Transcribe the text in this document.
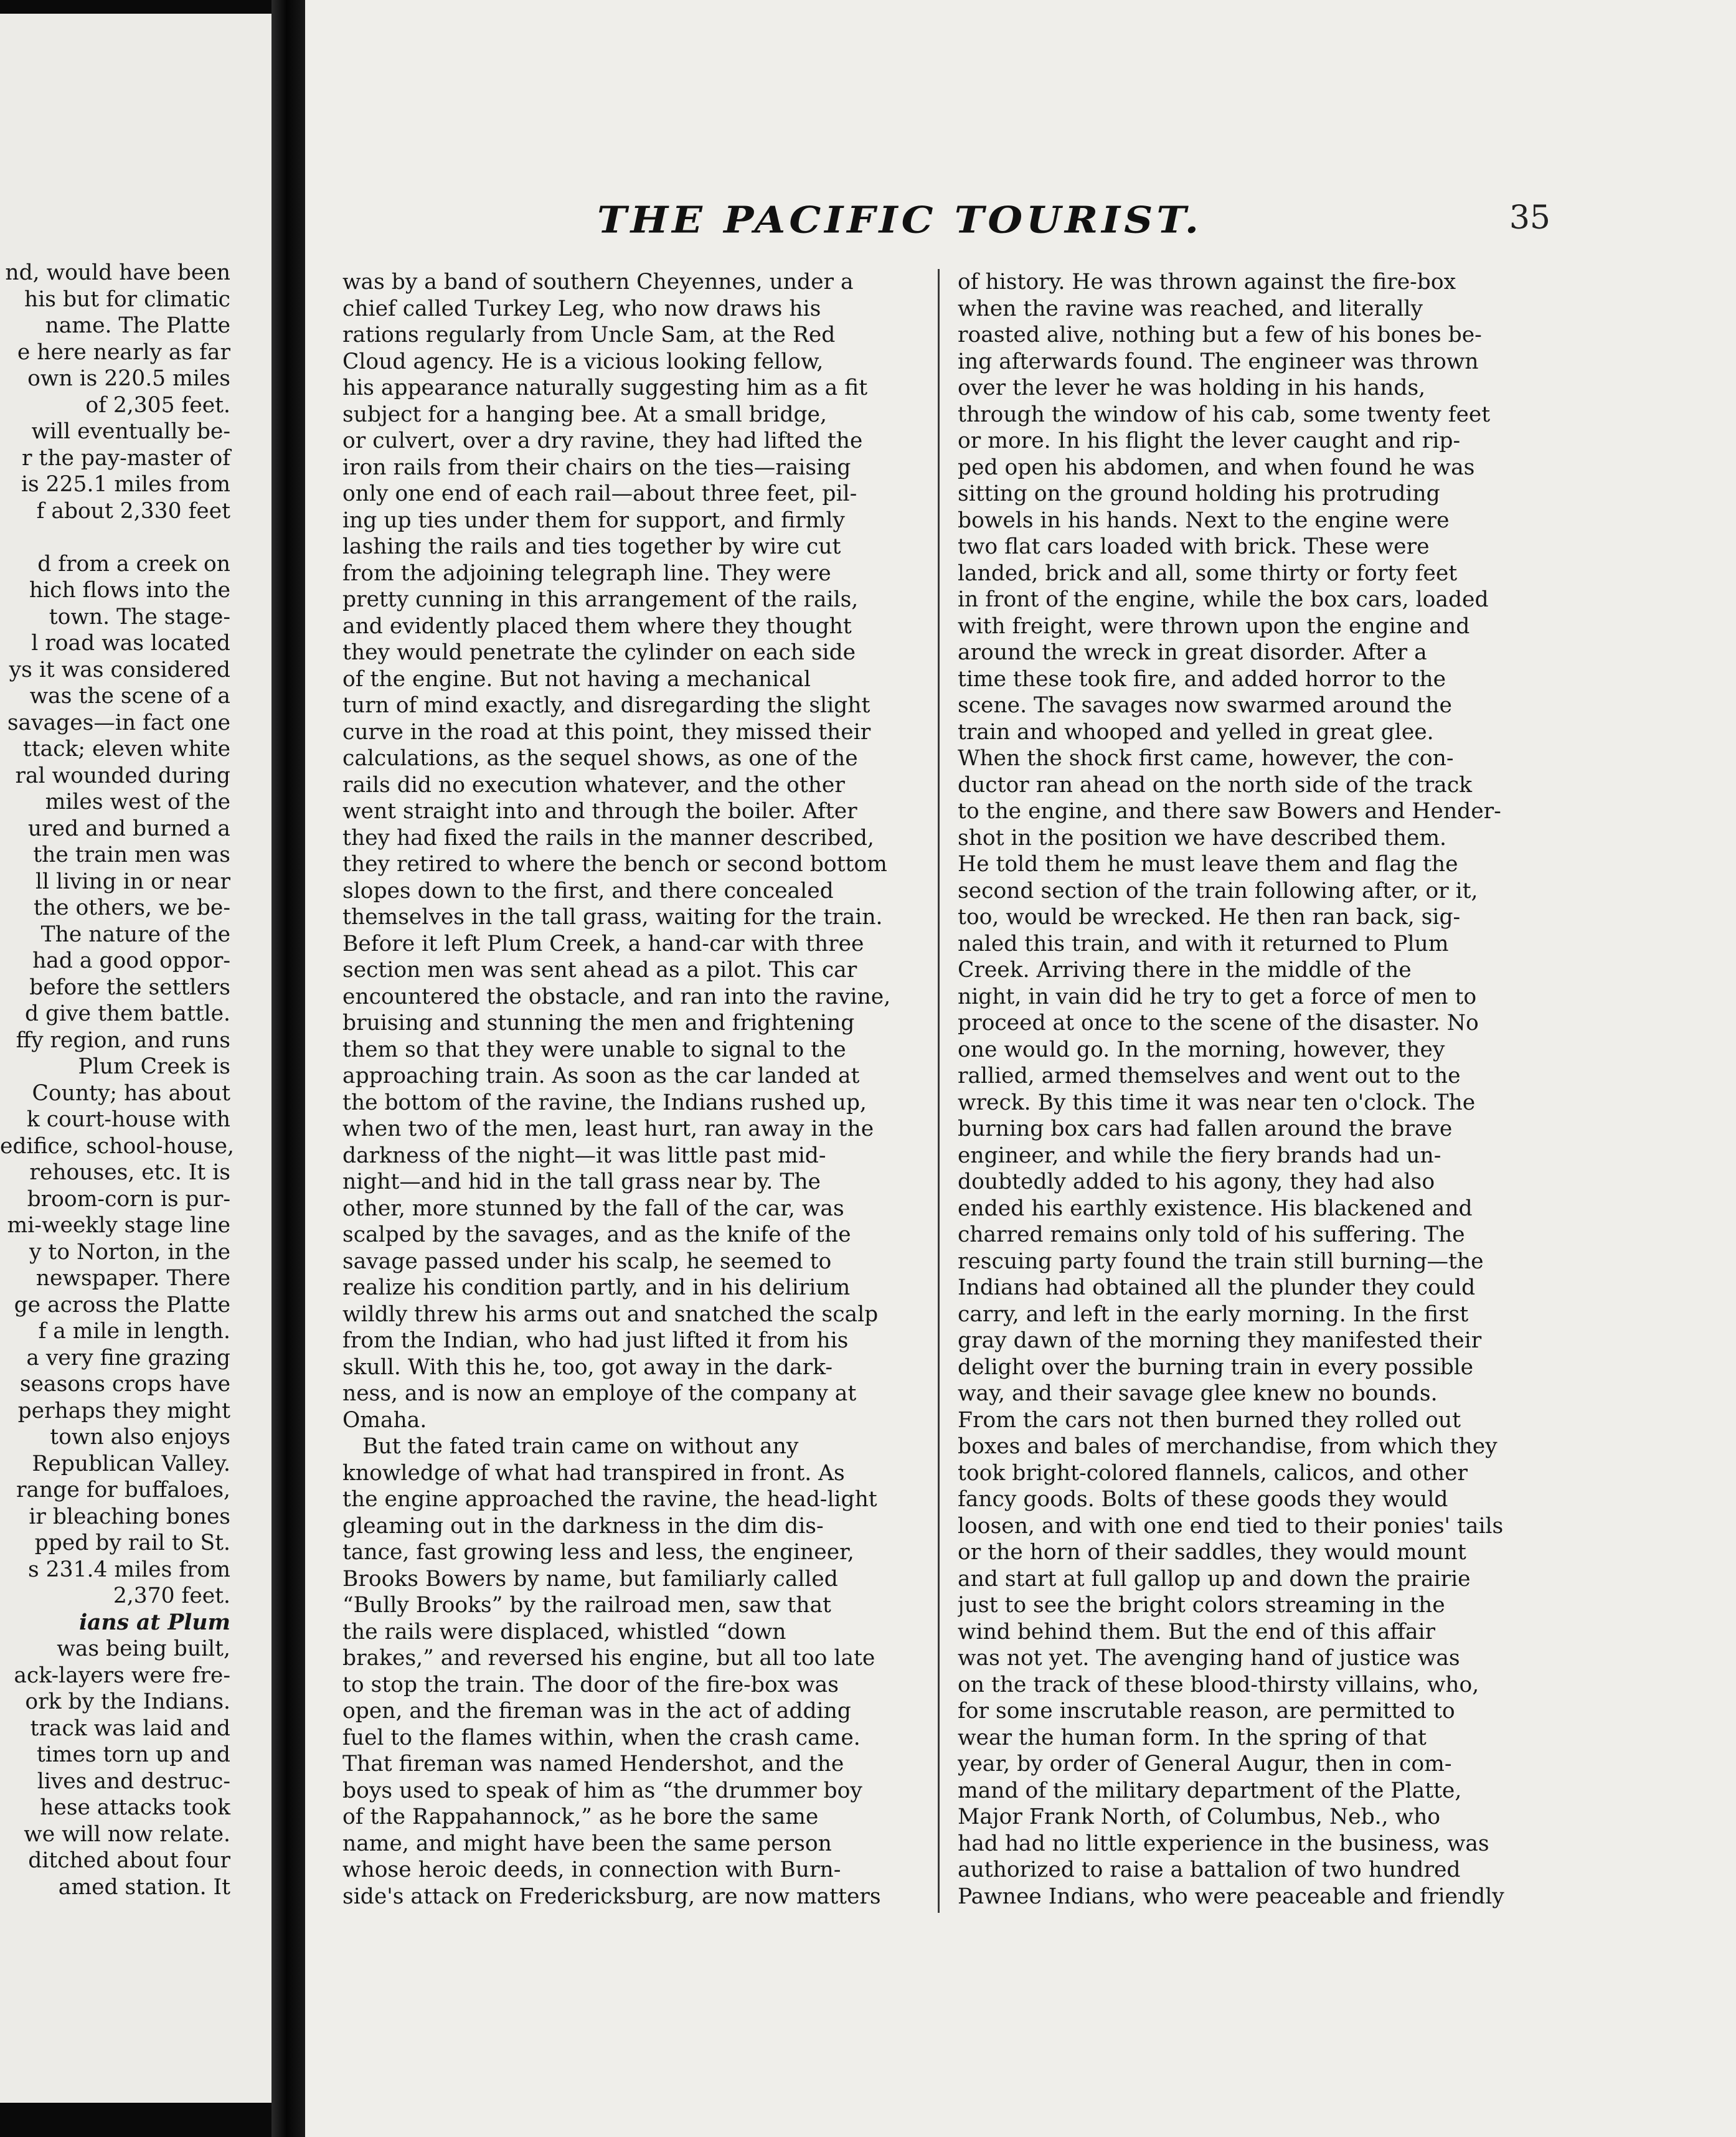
nd, would have been
his but for climatic
name. The Platte
e here nearly as far
own is 220.5 miles
of 2,305 feet.
will eventually be-
r the pay-master of
is 225.1 miles from
f about 2,330 feet

d from a creek on
hich flows into the
town. The stage-
l road was located
ys it was considered
was the scene of a
savages—in fact one
ttack; eleven white
ral wounded during
miles west of the
ured and burned a
the train men was
ll living in or near
the others, we be-
The nature of the
had a good oppor-
before the settlers
d give them battle.
ffy region, and runs
Plum Creek is
County; has about
k court-house with
edifice, school-house,
rehouses, etc. It is
broom-corn is pur-
mi-weekly stage line
y to Norton, in the
newspaper. There
ge across the Platte
f a mile in length.
a very fine grazing
seasons crops have
perhaps they might
town also enjoys
Republican Valley.
range for buffaloes,
ir bleaching bones
pped by rail to St.
s 231.4 miles from
2,370 feet.
ians at Plum
was being built,
ack-layers were fre-
ork by the Indians.
track was laid and
times torn up and
lives and destruc-
hese attacks took
we will now relate.
ditched about four
amed station. It
THE PACIFIC TOURIST.	35
was by a band of southern Cheyennes, under a
chief called Turkey Leg, who now draws his
rations regularly from Uncle Sam, at the Red
Cloud agency. He is a vicious looking fellow,
his appearance naturally suggesting him as a fit
subject for a hanging bee. At a small bridge,
or culvert, over a dry ravine, they had lifted the
iron rails from their chairs on the ties—raising
only one end of each rail—about three feet, pil-
ing up ties under them for support, and firmly
lashing the rails and ties together by wire cut
from the adjoining telegraph line. They were
pretty cunning in this arrangement of the rails,
and evidently placed them where they thought
they would penetrate the cylinder on each side
of the engine. But not having a mechanical
turn of mind exactly, and disregarding the slight
curve in the road at this point, they missed their
calculations, as the sequel shows, as one of the
rails did no execution whatever, and the other
went straight into and through the boiler. After
they had fixed the rails in the manner described,
they retired to where the bench or second bottom
slopes down to the first, and there concealed
themselves in the tall grass, waiting for the train.
Before it left Plum Creek, a hand-car with three
section men was sent ahead as a pilot. This car
encountered the obstacle, and ran into the ravine,
bruising and stunning the men and frightening
them so that they were unable to signal to the
approaching train. As soon as the car landed at
the bottom of the ravine, the Indians rushed up,
when two of the men, least hurt, ran away in the
darkness of the night—it was little past mid-
night—and hid in the tall grass near by. The
other, more stunned by the fall of the car, was
scalped by the savages, and as the knife of the
savage passed under his scalp, he seemed to
realize his condition partly, and in his delirium
wildly threw his arms out and snatched the scalp
from the Indian, who had just lifted it from his
skull. With this he, too, got away in the dark-
ness, and is now an employe of the company at
Omaha.
But the fated train came on without any
knowledge of what had transpired in front. As
the engine approached the ravine, the head-light
gleaming out in the darkness in the dim dis-
tance, fast growing less and less, the engineer,
Brooks Bowers by name, but familiarly called
“Bully Brooks” by the railroad men, saw that
the rails were displaced, whistled “down
brakes,” and reversed his engine, but all too late
to stop the train. The door of the fire-box was
open, and the fireman was in the act of adding
fuel to the flames within, when the crash came.
That fireman was named Hendershot, and the
boys used to speak of him as “the drummer boy
of the Rappahannock,” as he bore the same
name, and might have been the same person
whose heroic deeds, in connection with Burn-
side's attack on Fredericksburg, are now matters
of history. He was thrown against the fire-box
when the ravine was reached, and literally
roasted alive, nothing but a few of his bones be-
ing afterwards found. The engineer was thrown
over the lever he was holding in his hands,
through the window of his cab, some twenty feet
or more. In his flight the lever caught and rip-
ped open his abdomen, and when found he was
sitting on the ground holding his protruding
bowels in his hands. Next to the engine were
two flat cars loaded with brick. These were
landed, brick and all, some thirty or forty feet
in front of the engine, while the box cars, loaded
with freight, were thrown upon the engine and
around the wreck in great disorder. After a
time these took fire, and added horror to the
scene. The savages now swarmed around the
train and whooped and yelled in great glee.
When the shock first came, however, the con-
ductor ran ahead on the north side of the track
to the engine, and there saw Bowers and Hender-
shot in the position we have described them.
He told them he must leave them and flag the
second section of the train following after, or it,
too, would be wrecked. He then ran back, sig-
naled this train, and with it returned to Plum
Creek. Arriving there in the middle of the
night, in vain did he try to get a force of men to
proceed at once to the scene of the disaster. No
one would go. In the morning, however, they
rallied, armed themselves and went out to the
wreck. By this time it was near ten o'clock. The
burning box cars had fallen around the brave
engineer, and while the fiery brands had un-
doubtedly added to his agony, they had also
ended his earthly existence. His blackened and
charred remains only told of his suffering. The
rescuing party found the train still burning—the
Indians had obtained all the plunder they could
carry, and left in the early morning. In the first
gray dawn of the morning they manifested their
delight over the burning train in every possible
way, and their savage glee knew no bounds.
From the cars not then burned they rolled out
boxes and bales of merchandise, from which they
took bright-colored flannels, calicos, and other
fancy goods. Bolts of these goods they would
loosen, and with one end tied to their ponies' tails
or the horn of their saddles, they would mount
and start at full gallop up and down the prairie
just to see the bright colors streaming in the
wind behind them. But the end of this affair
was not yet. The avenging hand of justice was
on the track of these blood-thirsty villains, who,
for some inscrutable reason, are permitted to
wear the human form. In the spring of that
year, by order of General Augur, then in com-
mand of the military department of the Platte,
Major Frank North, of Columbus, Neb., who
had had no little experience in the business, was
authorized to raise a battalion of two hundred
Pawnee Indians, who were peaceable and friendly
